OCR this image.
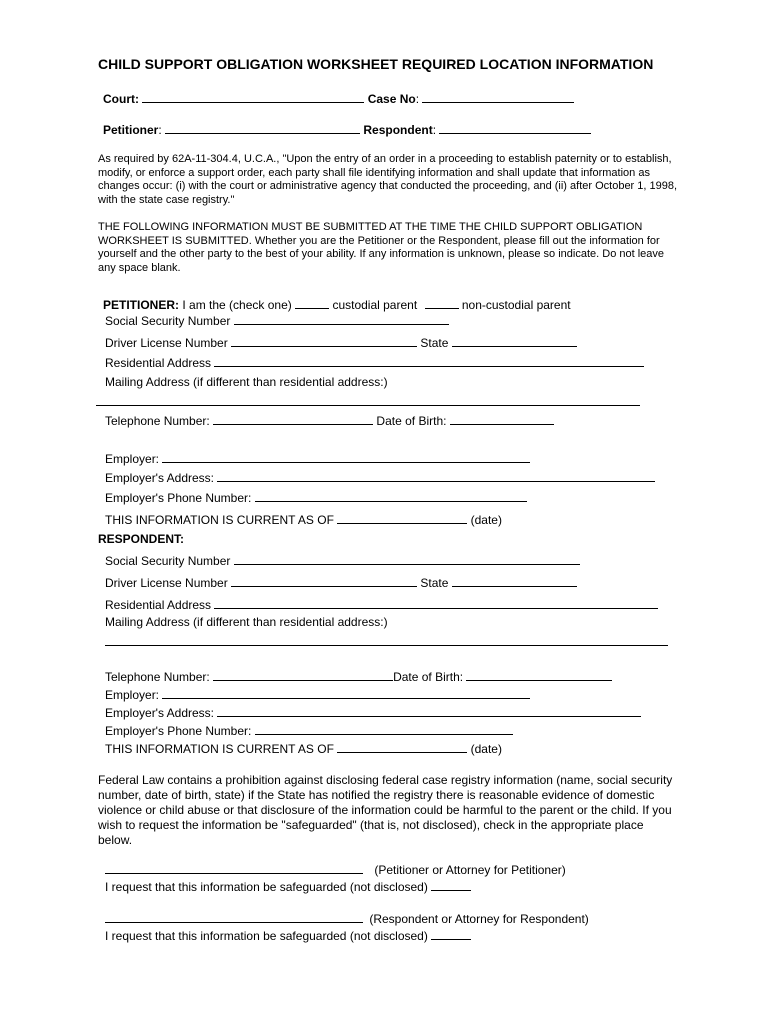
CHILD SUPPORT OBLIGATION WORKSHEET REQUIRED LOCATION INFORMATION
Court:	Case No:
Petitioner:	Respondent:
As required by 62A-11-304.4, U.C.A., "Upon the entry of an order in a proceeding to establish paternity or to establish, modify, or enforce a support order, each party shall file identifying information and shall update that information as changes occur: (i) with the court or administrative agency that conducted the proceeding, and (ii) after October 1, 1998, with the state case registry."
THE FOLLOWING INFORMATION MUST BE SUBMITTED AT THE TIME THE CHILD SUPPORT OBLIGATION WORKSHEET IS SUBMITTED. Whether you are the Petitioner or the Respondent, please fill out the information for yourself and the other party to the best of your ability. If any information is unknown, please so indicate. Do not leave any space blank.
PETITIONER: I am the (check one)	custodial parent	non-custodial parent
Social Security Number
Driver License Number	State
Residential Address
Mailing Address (if different than residential address:)
Telephone Number:	Date of Birth:
Employer:
Employer's Address:
Employer's Phone Number:
THIS INFORMATION IS CURRENT AS OF	(date)
RESPONDENT:
Social Security Number
Driver License Number	State
Residential Address
Mailing Address (if different than residential address:)
Telephone Number:	Date of Birth:
Employer:
Employer's Address:
Employer's Phone Number:
THIS INFORMATION IS CURRENT AS OF	(date)
Federal Law contains a prohibition against disclosing federal case registry information (name, social security number, date of birth, state) if the State has notified the registry there is reasonable evidence of domestic violence or child abuse or that disclosure of the information could be harmful to the parent or the child. If you wish to request the information be "safeguarded" (that is, not disclosed), check in the appropriate place below.
(Petitioner or Attorney for Petitioner)
I request that this information be safeguarded (not disclosed)
(Respondent or Attorney for Respondent)
I request that this information be safeguarded (not disclosed)
